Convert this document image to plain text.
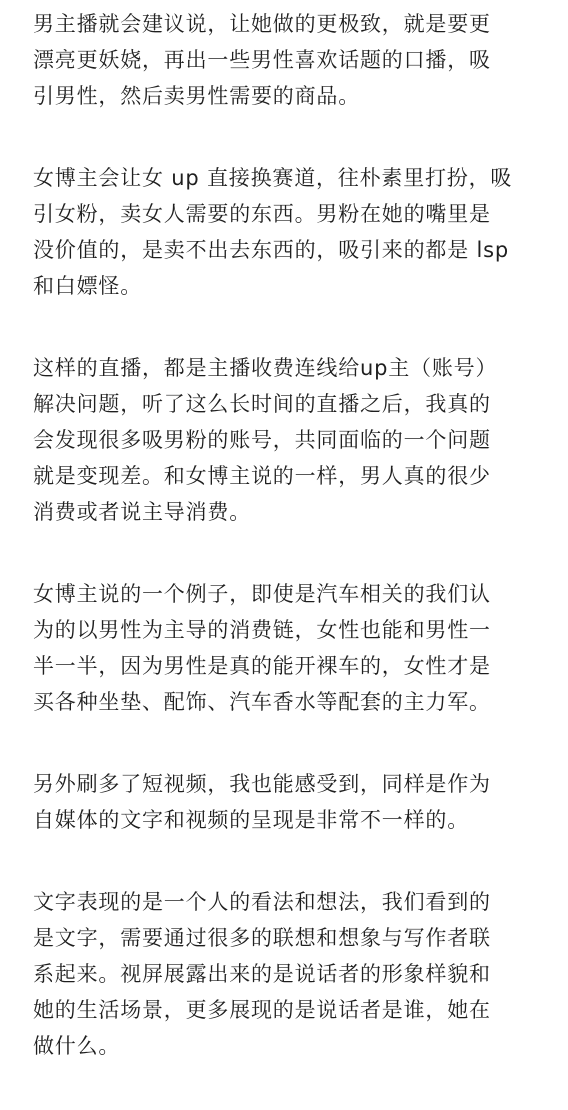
男主播就会建议说，让她做的更极致，就是要更
漂亮更妖娆，再出一些男性喜欢话题的口播，吸
引男性，然后卖男性需要的商品。

女博主会让女 up 直接换赛道，往朴素里打扮，吸
引女粉，卖女人需要的东西。男粉在她的嘴里是
没价值的，是卖不出去东西的，吸引来的都是 lsp
和白嫖怪。

这样的直播，都是主播收费连线给up主（账号）
解决问题，听了这么长时间的直播之后，我真的
会发现很多吸男粉的账号，共同面临的一个问题
就是变现差。和女博主说的一样，男人真的很少
消费或者说主导消费。

女博主说的一个例子，即使是汽车相关的我们认
为的以男性为主导的消费链，女性也能和男性一
半一半，因为男性是真的能开裸车的，女性才是
买各种坐垫、配饰、汽车香水等配套的主力军。

另外刷多了短视频，我也能感受到，同样是作为
自媒体的文字和视频的呈现是非常不一样的。

文字表现的是一个人的看法和想法，我们看到的
是文字，需要通过很多的联想和想象与写作者联
系起来。视屏展露出来的是说话者的形象样貌和
她的生活场景，更多展现的是说话者是谁，她在
做什么。
